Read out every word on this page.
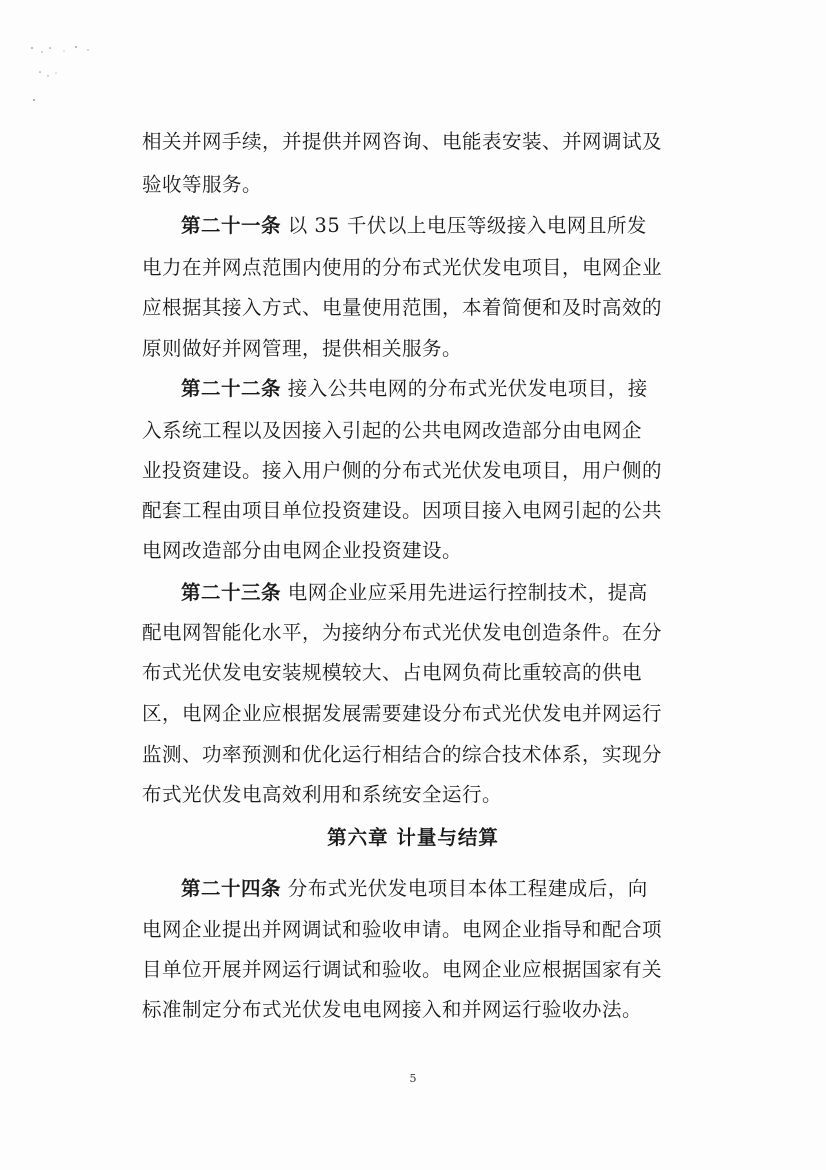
相关并网手续，并提供并网咨询、电能表安装、并网调试及
验收等服务。
第二十一条 以 35 千伏以上电压等级接入电网且所发
电力在并网点范围内使用的分布式光伏发电项目，电网企业
应根据其接入方式、电量使用范围，本着简便和及时高效的
原则做好并网管理，提供相关服务。
第二十二条 接入公共电网的分布式光伏发电项目，接
入系统工程以及因接入引起的公共电网改造部分由电网企
业投资建设。接入用户侧的分布式光伏发电项目，用户侧的
配套工程由项目单位投资建设。因项目接入电网引起的公共
电网改造部分由电网企业投资建设。
第二十三条 电网企业应采用先进运行控制技术，提高
配电网智能化水平，为接纳分布式光伏发电创造条件。在分
布式光伏发电安装规模较大、占电网负荷比重较高的供电
区，电网企业应根据发展需要建设分布式光伏发电并网运行
监测、功率预测和优化运行相结合的综合技术体系，实现分
布式光伏发电高效利用和系统安全运行。
第六章 计量与结算
第二十四条 分布式光伏发电项目本体工程建成后，向
电网企业提出并网调试和验收申请。电网企业指导和配合项
目单位开展并网运行调试和验收。电网企业应根据国家有关
标准制定分布式光伏发电电网接入和并网运行验收办法。
5
